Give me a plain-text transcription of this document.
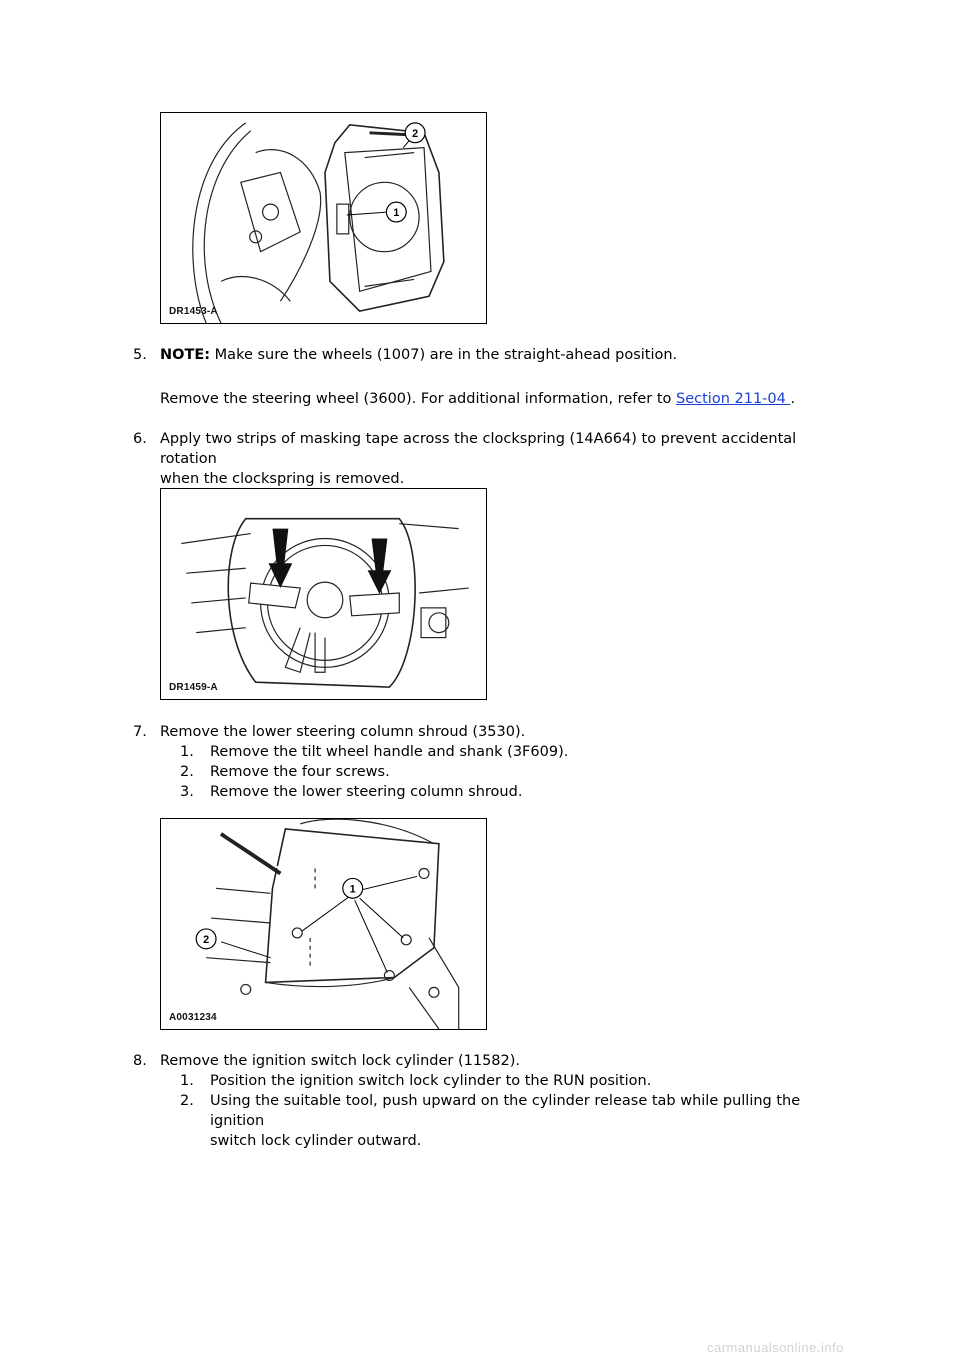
2
1
DR1453-A
5. NOTE: Make sure the wheels (1007) are in the straight-ahead position.
Remove the steering wheel (3600). For additional information, refer to Section 211-04 .
6. Apply two strips of masking tape across the clockspring (14A664) to prevent accidental rotation
when the clockspring is removed.
DR1459-A
7. Remove the lower steering column shroud (3530).
1.	Remove the tilt wheel handle and shank (3F609).
2.	Remove the four screws.
3.	Remove the lower steering column shroud.
1
2
A0031234
8. Remove the ignition switch lock cylinder (11582).
1.	Position the ignition switch lock cylinder to the RUN position.
2.	Using the suitable tool, push upward on the cylinder release tab while pulling the ignition
switch lock cylinder outward.
carmanualsonline.info
